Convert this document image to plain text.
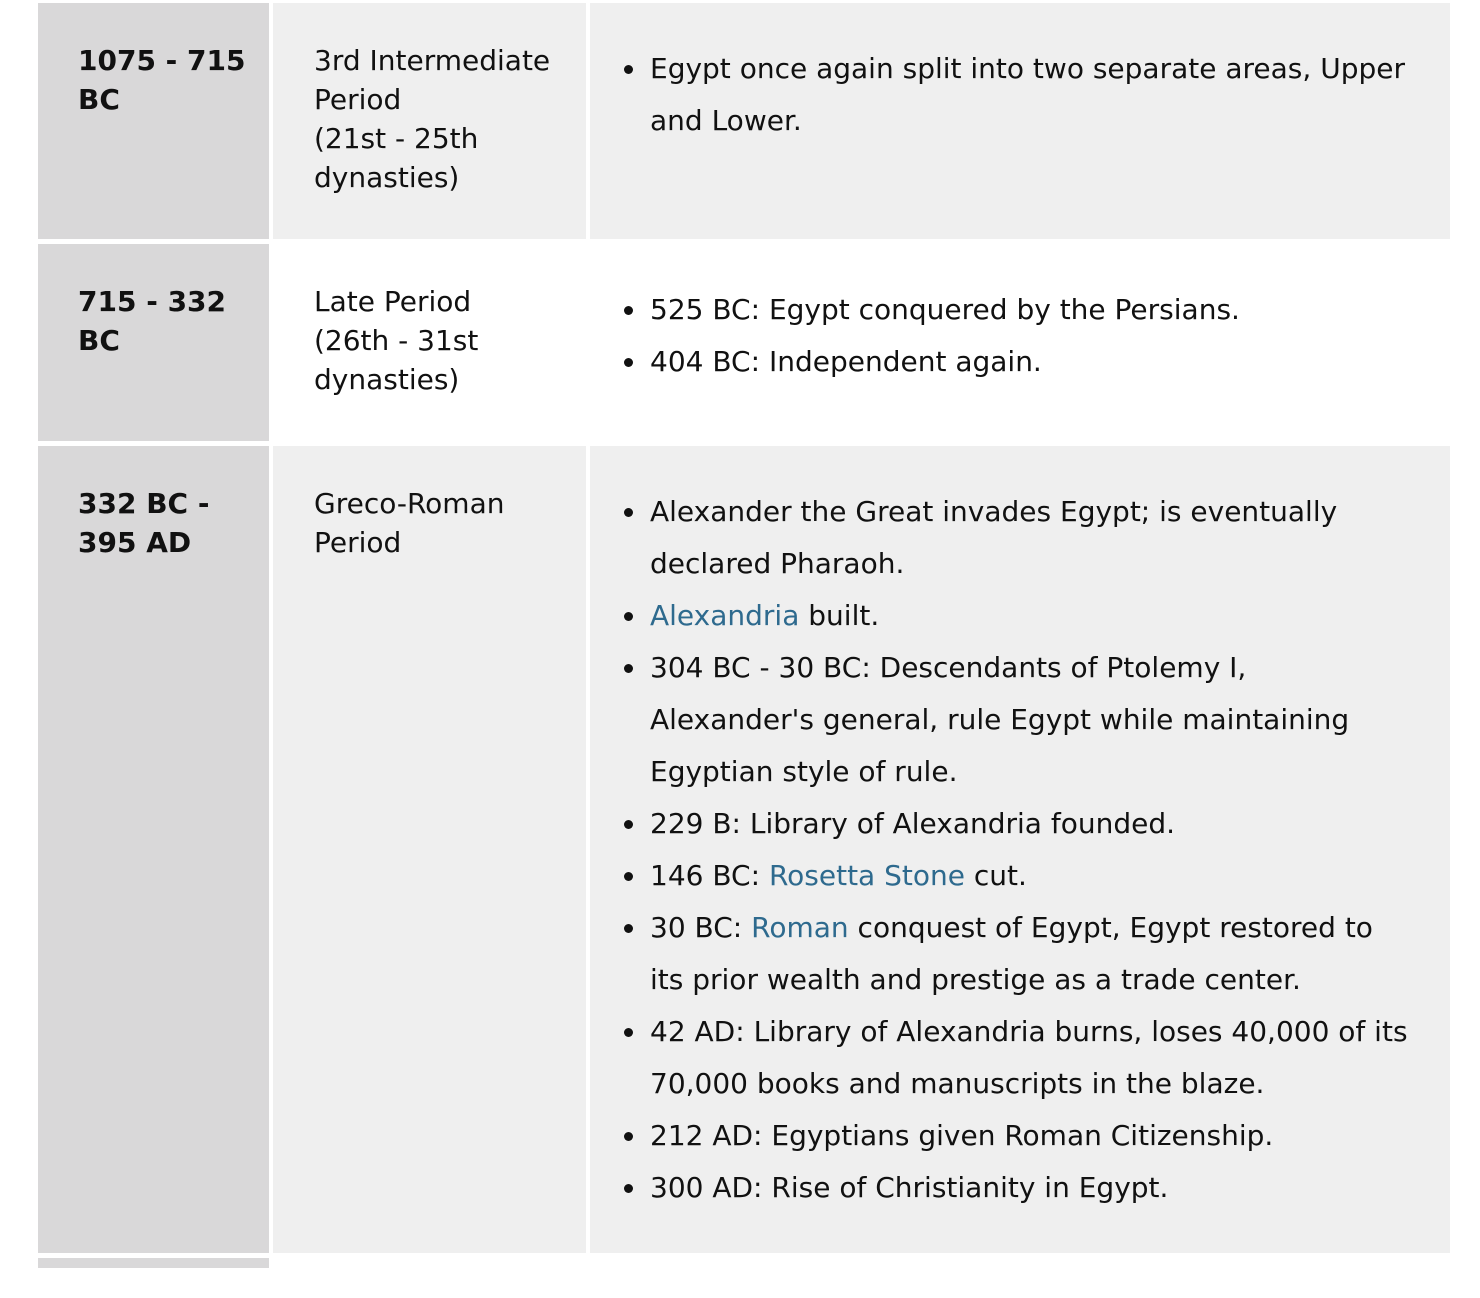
1075 - 715
BC
3rd Intermediate
Period
(21st - 25th
dynasties)
Egypt once again split into two separate areas, Upper and Lower.
715 - 332
BC
Late Period
(26th - 31st
dynasties)
525 BC: Egypt conquered by the Persians.
404 BC: Independent again.
332 BC -
395 AD
Greco-Roman
Period
Alexander the Great invades Egypt; is eventually declared Pharaoh.
Alexandria built.
304 BC - 30 BC: Descendants of Ptolemy I, Alexander's general, rule Egypt while maintaining Egyptian style of rule.
229 B: Library of Alexandria founded.
146 BC: Rosetta Stone cut.
30 BC: Roman conquest of Egypt, Egypt restored to its prior wealth and prestige as a trade center.
42 AD: Library of Alexandria burns, loses 40,000 of its 70,000 books and manuscripts in the blaze.
212 AD: Egyptians given Roman Citizenship.
300 AD: Rise of Christianity in Egypt.
